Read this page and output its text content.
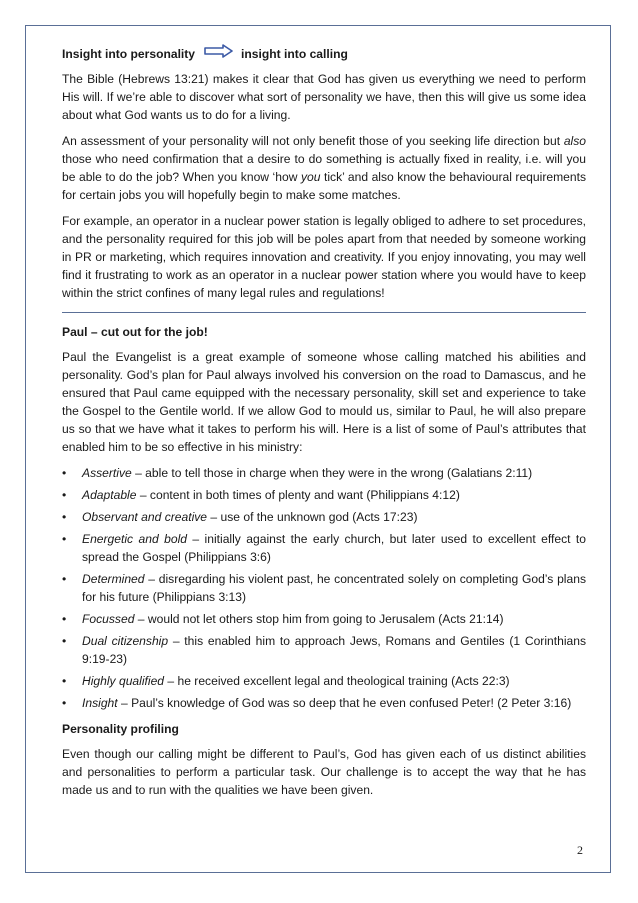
Insight into personality	insight into calling

The Bible (Hebrews 13:21) makes it clear that God has given us everything we need to perform His will. If we’re able to discover what sort of personality we have, then this will give us some idea about what God wants us to do for a living.

An assessment of your personality will not only benefit those of you seeking life direction but also those who need confirmation that a desire to do something is actually fixed in reality, i.e. will you be able to do the job? When you know ‘how you tick’ and also know the behavioural requirements for certain jobs you will hopefully begin to make some matches.

For example, an operator in a nuclear power station is legally obliged to adhere to set procedures, and the personality required for this job will be poles apart from that needed by someone working in PR or marketing, which requires innovation and creativity. If you enjoy innovating, you may well find it frustrating to work as an operator in a nuclear power station where you would have to keep within the strict confines of many legal rules and regulations!

Paul – cut out for the job!

Paul the Evangelist is a great example of someone whose calling matched his abilities and personality. God’s plan for Paul always involved his conversion on the road to Damascus, and he ensured that Paul came equipped with the necessary personality, skill set and experience to take the Gospel to the Gentile world. If we allow God to mould us, similar to Paul, he will also prepare us so that we have what it takes to perform his will. Here is a list of some of Paul’s attributes that enabled him to be so effective in his ministry:

• Assertive – able to tell those in charge when they were in the wrong (Galatians 2:11)
• Adaptable – content in both times of plenty and want (Philippians 4:12)
• Observant and creative – use of the unknown god (Acts 17:23)
• Energetic and bold – initially against the early church, but later used to excellent effect to spread the Gospel (Philippians 3:6)
• Determined – disregarding his violent past, he concentrated solely on completing God’s plans for his future (Philippians 3:13)
• Focussed – would not let others stop him from going to Jerusalem (Acts 21:14)
• Dual citizenship – this enabled him to approach Jews, Romans and Gentiles (1 Corinthians 9:19-23)
• Highly qualified – he received excellent legal and theological training (Acts 22:3)
• Insight – Paul’s knowledge of God was so deep that he even confused Peter! (2 Peter 3:16)
Personality profiling

Even though our calling might be different to Paul’s, God has given each of us distinct abilities and personalities to perform a particular task. Our challenge is to accept the way that he has made us and to run with the qualities we have been given.

2
